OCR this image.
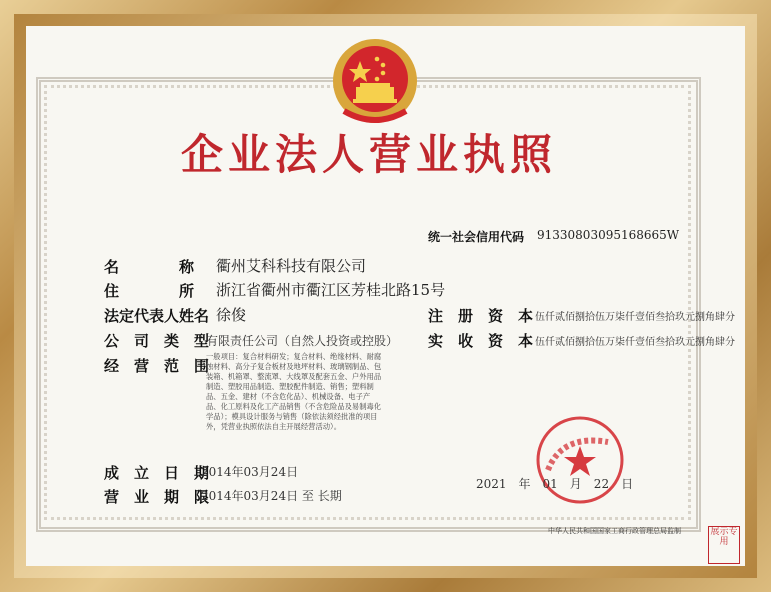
企业法人营业执照
统一社会信用代码 91330803095168665W
名　　　　称 衢州艾科科技有限公司
住　　　　所 浙江省衢州市衢江区芳桂北路15号
法定代表人姓名 徐俊	注　册　资　本 伍仟贰佰捌拾伍万柒仟壹佰叁拾玖元捌角肆分
公　司　类　型
有限责任公司（自然人投资或控股） 实　收　资　本 伍仟贰佰捌拾伍万柒仟壹佰叁拾玖元捌角肆分
经　营　范　围
一般项目：复合材料研发；复合材料、绝缘材料、耐腐蚀材料、高分子复合板材及地坪材料、玻璃钢制品、包装箱、机箱罩、整流罩、大线罩及配套五金、户外用品制造、塑胶用品制造、塑胶配件制造、销售；塑料制品、五金、建材（不含危化品）、机械设备、电子产品、化工原料及化工产品销售（不含危险品及易制毒化学品）；模具设计服务与销售（除依法须经批准的项目外，凭营业执照依法自主开展经营活动）。
成　立　日　期
2014年03月24日
营　业　期　限
2014年03月24日 至 长期
2021　年　01　月　22　日
中华人民共和国国家工商行政管理总局监制	展示专用
